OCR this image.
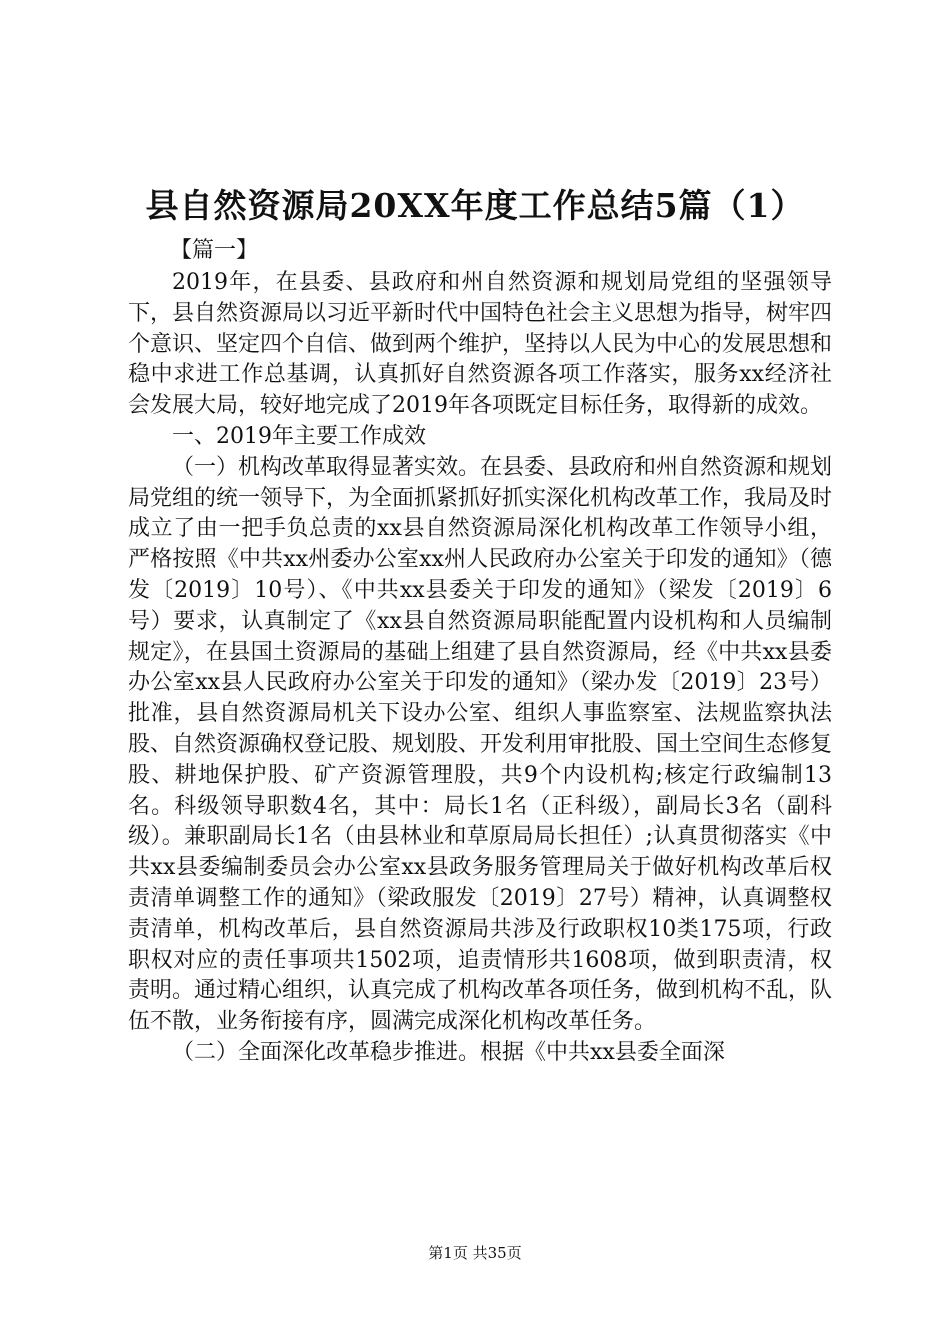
县自然资源局20XX年度工作总结5篇（1）
【篇一】

2019年，在县委、县政府和州自然资源和规划局党组的坚强领导下，县自然资源局以习近平新时代中国特色社会主义思想为指导，树牢四个意识、坚定四个自信、做到两个维护，坚持以人民为中心的发展思想和稳中求进工作总基调，认真抓好自然资源各项工作落实，服务xx经济社会发展大局，较好地完成了2019年各项既定目标任务，取得新的成效。

一、2019年主要工作成效

（一）机构改革取得显著实效。在县委、县政府和州自然资源和规划局党组的统一领导下，为全面抓紧抓好抓实深化机构改革工作，我局及时成立了由一把手负总责的xx县自然资源局深化机构改革工作领导小组，严格按照《中共xx州委办公室xx州人民政府办公室关于印发的通知》（德发〔2019〕10号）、《中共xx县委关于印发的通知》（梁发〔2019〕6号）要求，认真制定了《xx县自然资源局职能配置内设机构和人员编制规定》，在县国土资源局的基础上组建了县自然资源局，经《中共xx县委办公室xx县人民政府办公室关于印发的通知》（梁办发〔2019〕23号）批准，县自然资源局机关下设办公室、组织人事监察室、法规监察执法股、自然资源确权登记股、规划股、开发利用审批股、国土空间生态修复股、耕地保护股、矿产资源管理股，共9个内设机构;核定行政编制13名。科级领导职数4名，其中：局长1名（正科级），副局长3名（副科级）。兼职副局长1名（由县林业和草原局局长担任）;认真贯彻落实《中共xx县委编制委员会办公室xx县政务服务管理局关于做好机构改革后权责清单调整工作的通知》（梁政服发〔2019〕27号）精神，认真调整权责清单，机构改革后，县自然资源局共涉及行政职权10类175项，行政职权对应的责任事项共1502项，追责情形共1608项，做到职责清，权责明。通过精心组织，认真完成了机构改革各项任务，做到机构不乱，队伍不散，业务衔接有序，圆满完成深化机构改革任务。

（二）全面深化改革稳步推进。根据《中共xx县委全面深

第1页 共35页
